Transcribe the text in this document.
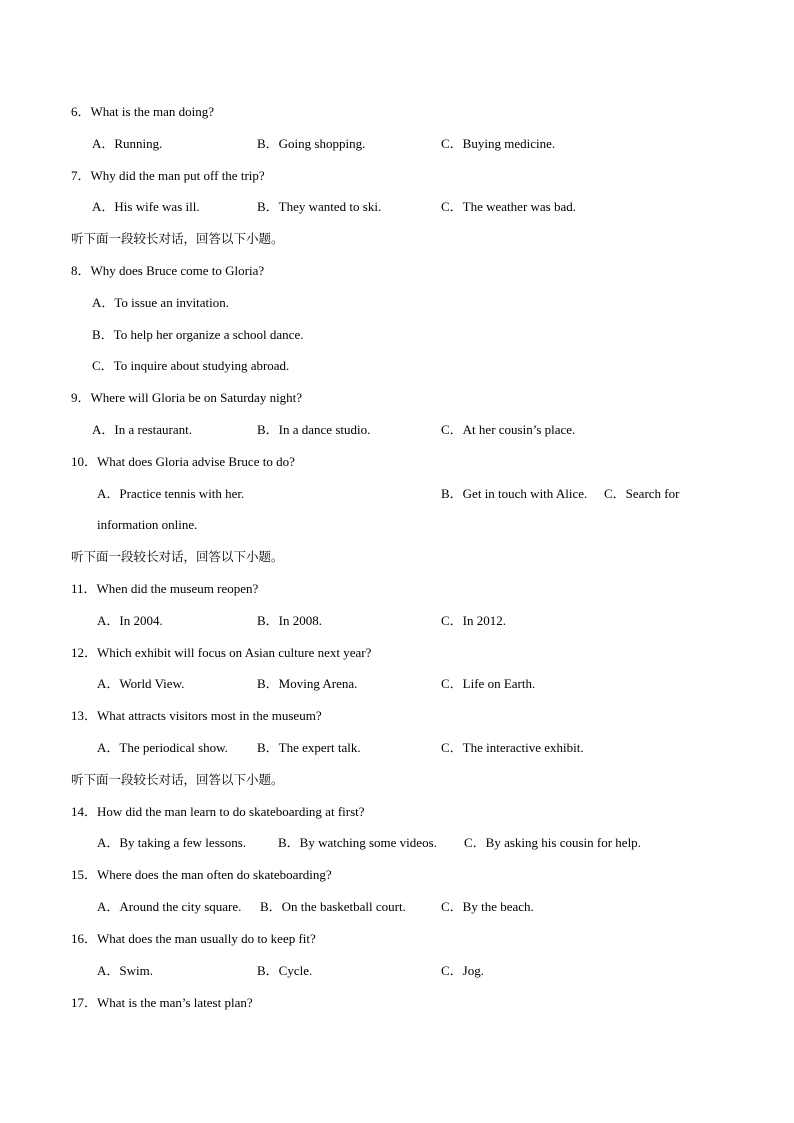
6．What is the man doing?
A．Running.	B．Going shopping.	C．Buying medicine.
7．Why did the man put off the trip?
A．His wife was ill.	B．They wanted to ski.	C．The weather was bad.
听下面一段较长对话，回答以下小题。
8．Why does Bruce come to Gloria?
A．To issue an invitation.
B．To help her organize a school dance.
C．To inquire about studying abroad.
9．Where will Gloria be on Saturday night?
A．In a restaurant.	B．In a dance studio.	C．At her cousin’s place.
10．What does Gloria advise Bruce to do?
A．Practice tennis with her.	B．Get in touch with Alice. C．Search for
information online.
听下面一段较长对话，回答以下小题。
11．When did the museum reopen?
A．In 2004.	B．In 2008.	C．In 2012.
12．Which exhibit will focus on Asian culture next year?
A．World View.	B．Moving Arena.	C．Life on Earth.
13．What attracts visitors most in the museum?
A．The periodical show. B．The expert talk.	C．The interactive exhibit.
听下面一段较长对话，回答以下小题。
14．How did the man learn to do skateboarding at first?
A．By taking a few lessons. B．By watching some videos. C．By asking his cousin for help.
15．Where does the man often do skateboarding?
A．Around the city square. B．On the basketball court.	C．By the beach.
16．What does the man usually do to keep fit?
A．Swim.	B．Cycle.	C．Jog.
17．What is the man’s latest plan?
